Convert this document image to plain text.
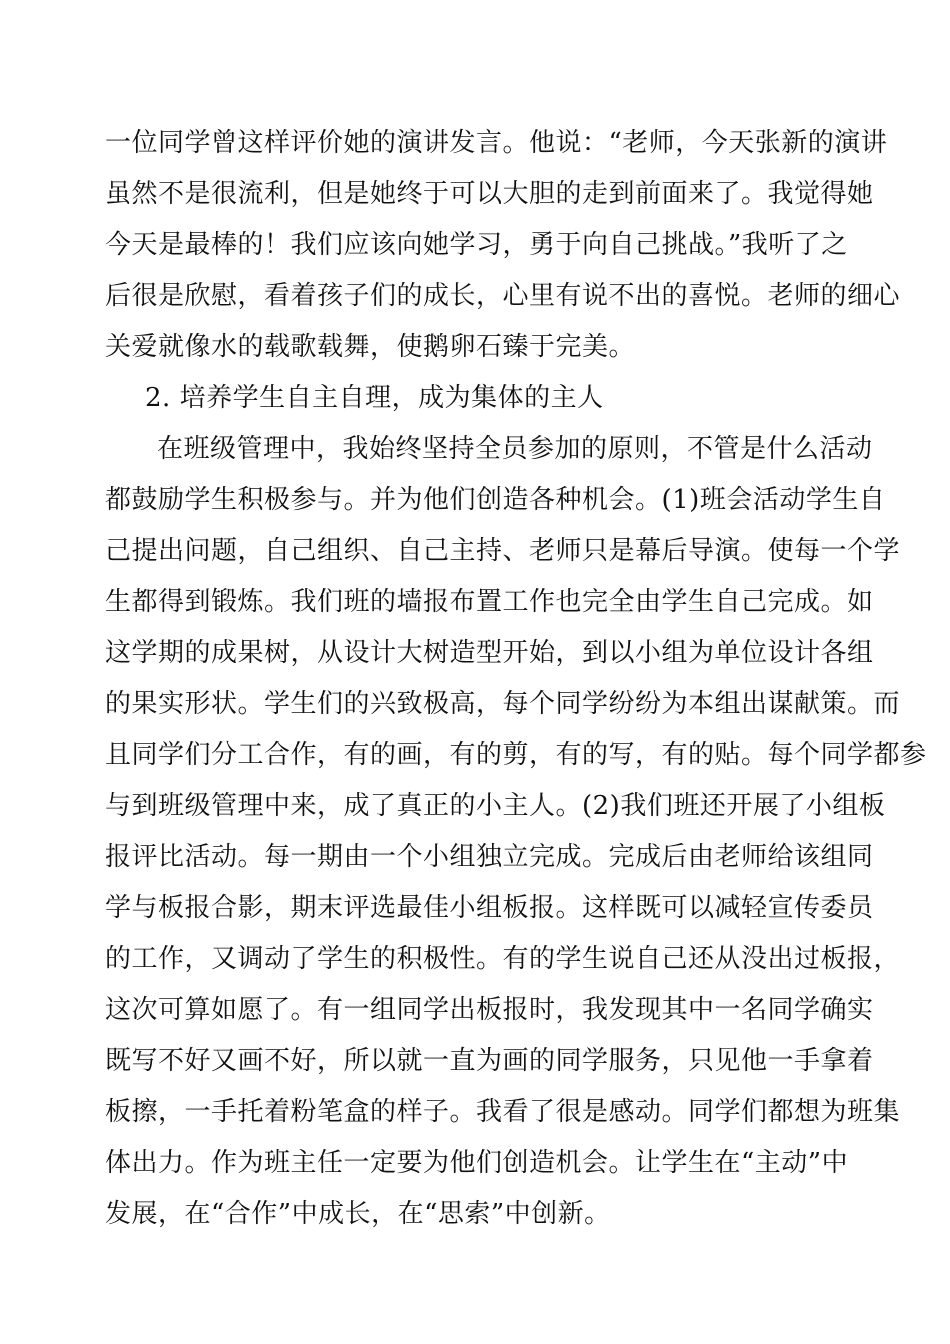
一位同学曾这样评价她的演讲发言。他说：“老师，今天张新的演讲
虽然不是很流利，但是她终于可以大胆的走到前面来了。我觉得她
今天是最棒的！我们应该向她学习，勇于向自己挑战。”我听了之
后很是欣慰，看着孩子们的成长，心里有说不出的喜悦。老师的细心
关爱就像水的载歌载舞，使鹅卵石臻于完美。
2. 培养学生自主自理，成为集体的主人
在班级管理中，我始终坚持全员参加的原则，不管是什么活动
都鼓励学生积极参与。并为他们创造各种机会。(1)班会活动学生自
己提出问题，自己组织、自己主持、老师只是幕后导演。使每一个学
生都得到锻炼。我们班的墙报布置工作也完全由学生自己完成。如
这学期的成果树，从设计大树造型开始，到以小组为单位设计各组
的果实形状。学生们的兴致极高，每个同学纷纷为本组出谋献策。而
且同学们分工合作，有的画，有的剪，有的写，有的贴。每个同学都参
与到班级管理中来，成了真正的小主人。(2)我们班还开展了小组板
报评比活动。每一期由一个小组独立完成。完成后由老师给该组同
学与板报合影，期末评选最佳小组板报。这样既可以减轻宣传委员
的工作，又调动了学生的积极性。有的学生说自己还从没出过板报，
这次可算如愿了。有一组同学出板报时，我发现其中一名同学确实
既写不好又画不好，所以就一直为画的同学服务，只见他一手拿着
板擦，一手托着粉笔盒的样子。我看了很是感动。同学们都想为班集
体出力。作为班主任一定要为他们创造机会。让学生在“主动”中
发展，在“合作”中成长，在“思索”中创新。
